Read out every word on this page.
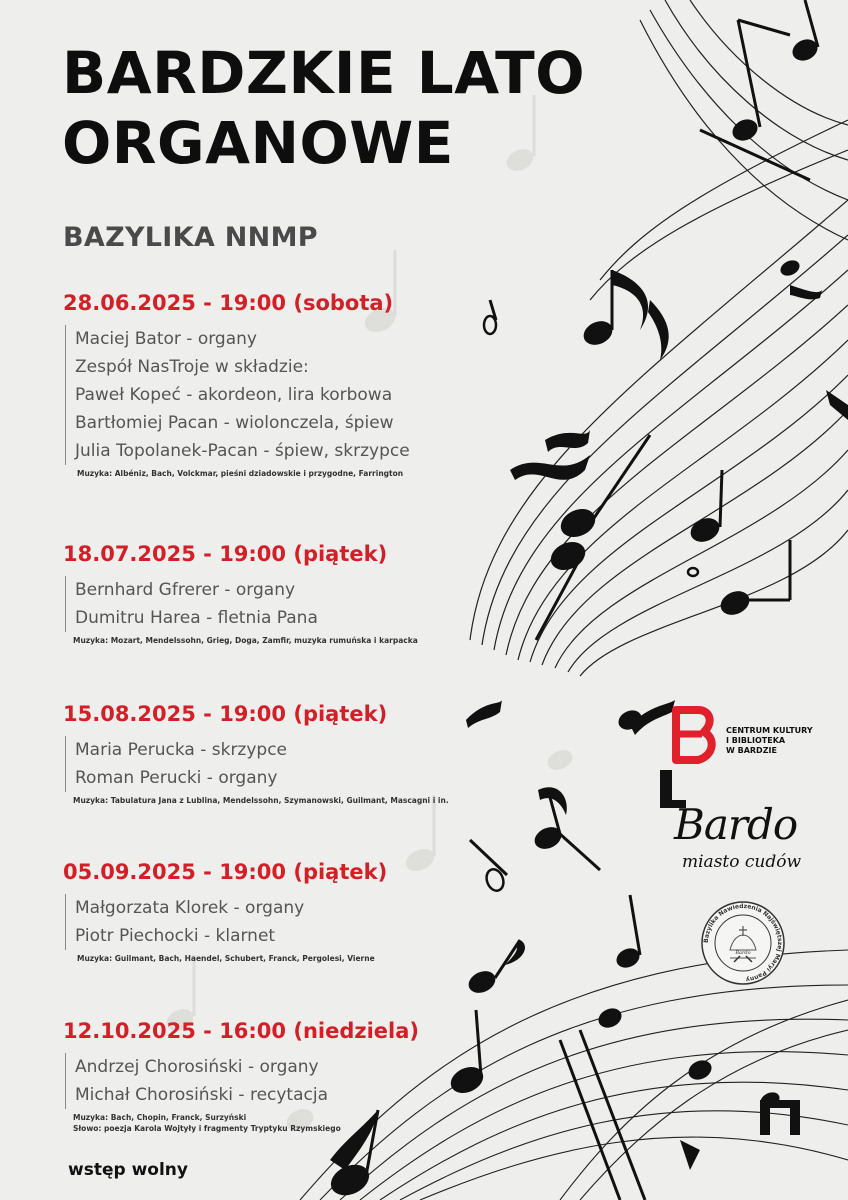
BARDZKIE LATO
ORGANOWE
BAZYLIKA NNMP
28.06.2025 - 19:00 (sobota)
Maciej Bator - organy
Zespół NasTroje w składzie:
Paweł Kopeć - akordeon, lira korbowa
Bartłomiej Pacan - wiolonczela, śpiew
Julia Topolanek-Pacan - śpiew, skrzypce
Muzyka: Albéniz, Bach, Volckmar, pieśni dziadowskie i przygodne, Farrington
18.07.2025 - 19:00 (piątek)
Bernhard Gfrerer - organy
Dumitru Harea - fletnia Pana
Muzyka: Mozart, Mendelssohn, Grieg, Doga, Zamfir, muzyka rumuńska i karpacka
15.08.2025 - 19:00 (piątek)
Maria Perucka - skrzypce
Roman Perucki - organy
Muzyka: Tabulatura Jana z Lublina, Mendelssohn, Szymanowski, Guilmant, Mascagni i in.
05.09.2025 - 19:00 (piątek)
Małgorzata Klorek - organy
Piotr Piechocki - klarnet
Muzyka: Guilmant, Bach, Haendel, Schubert, Franck, Pergolesi, Vierne
12.10.2025 - 16:00 (niedziela)
Andrzej Chorosiński - organy
Michał Chorosiński - recytacja
Muzyka: Bach, Chopin, Franck, Surzyński
Słowo: poezja Karola Wojtyły i fragmenty Tryptyku Rzymskiego
wstęp wolny
CENTRUM KULTURY
I BIBLIOTEKA
W BARDZIE
Bardo
miasto cudów
Bazylika Nawiedzenia Najświętszej Maryi Panny
Bardo
